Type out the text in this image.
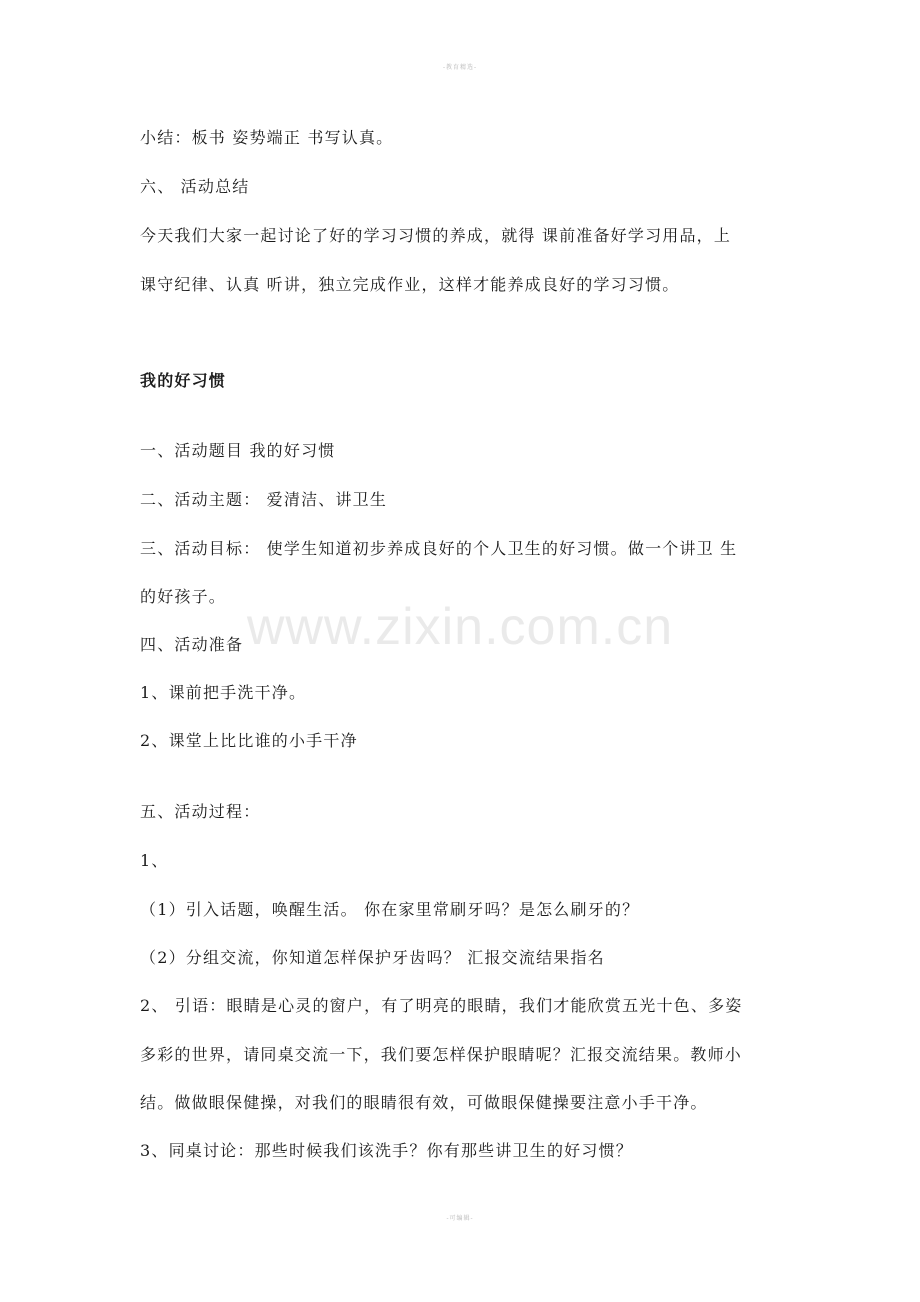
-教育精选-
www.zixin.com.cn
小结：板书 姿势端正 书写认真。
六、 活动总结
今天我们大家一起讨论了好的学习习惯的养成，就得 课前准备好学习用品，上
课守纪律、认真 听讲，独立完成作业，这样才能养成良好的学习习惯。
我的好习惯
一、活动题目 我的好习惯
二、活动主题： 爱清洁、讲卫生
三、活动目标： 使学生知道初步养成良好的个人卫生的好习惯。做一个讲卫 生
的好孩子。
四、活动准备
1、课前把手洗干净。
2、课堂上比比谁的小手干净
五、活动过程：
1、
（1）引入话题，唤醒生活。 你在家里常刷牙吗？是怎么刷牙的？
（2）分组交流，你知道怎样保护牙齿吗？ 汇报交流结果指名
2、 引语：眼睛是心灵的窗户，有了明亮的眼睛，我们才能欣赏五光十色、多姿
多彩的世界，请同桌交流一下，我们要怎样保护眼睛呢？汇报交流结果。教师小
结。做做眼保健操，对我们的眼睛很有效，可做眼保健操要注意小手干净。
3、同桌讨论：那些时候我们该洗手？你有那些讲卫生的好习惯？
-可编辑-
